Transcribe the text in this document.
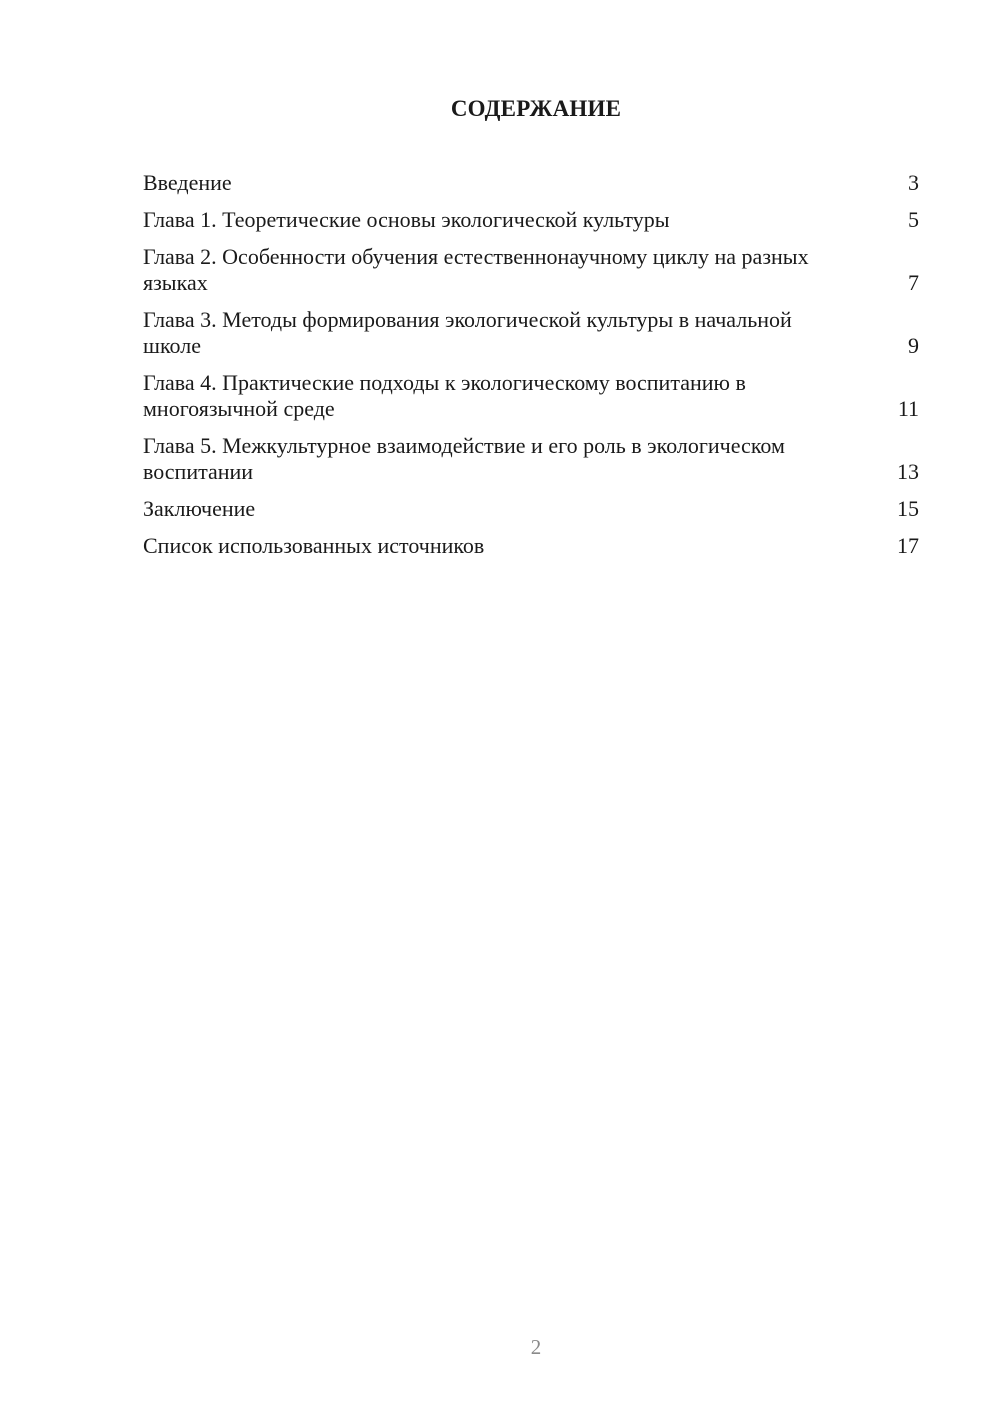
СОДЕРЖАНИЕ
Введение	3
Глава 1. Теоретические основы экологической культуры	5
Глава 2. Особенности обучения естественнонаучному циклу на разных языках	7
Глава 3. Методы формирования экологической культуры в начальной школе	9
Глава 4. Практические подходы к экологическому воспитанию в многоязычной среде	11
Глава 5. Межкультурное взаимодействие и его роль в экологическом воспитании	13
Заключение	15
Список использованных источников	17
2
